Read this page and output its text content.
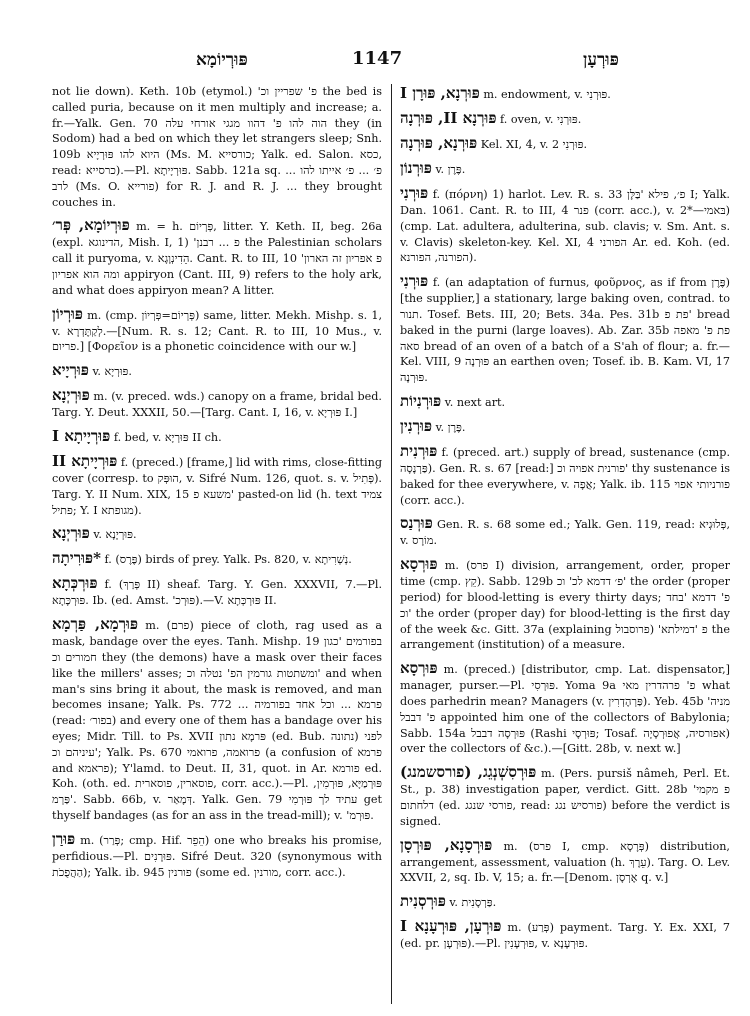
פּוּרְיוֹמָא	1147	פּוּרְעָן

not lie down). Keth. 10b (etymol.) 'פ' שפריין וכ the bed is called puria, because on it men multiply and increase; a. fr.—Yalk. Gen. 70 הוה להו פ' דהוו מגגי אורחי עלה they (in Sodom) had a bed on which they let strangers sleep; Snh. 109b היוא להו פּוּרְיָיא (Ms. M. כורסייא; Yalk. ed. Salon. כסא, read: כרסייא).—Pl. פּוּרְיָיתָא. Sabb. 121a sq. פ׳ ... פ׳ אייתו להו ... לרב (Ms. O. פורייא) for R. J. and R. J. ... they brought couches in.

פּוּרְיוֹמָא, פְּר׳ m. = h. פְּרְיוֹם, litter. Y. Keth. II, beg. 26a (expl. הדינוגא, Mish. I, 1) 'פ ... רבנן the Palestinian scholars call it puryoma, v. הֵדִינְוָגָא. Cant. R. to III, 10 'פ אפריון זה הארון ומה הוא אפריון appiryon (Cant. III, 9) refers to the holy ark, and what does appiryon mean? A litter.

פּוּרְיוֹן m. (cmp. פְּרְיוֹם=פְּרְיוֹן) same, litter. Mekh. Mishp. s. 1, v. לְקַתֶּדְרָא.—[Num. R. s. 12; Cant. R. to III, 10 Mus., v. פריום.] [Φορεῖον is a phonetic coincidence with our w.]

פּוּרְיָיא v. פּוּרְיָא.

פּוּרְיְנָא m. (v. preced. wds.) canopy on a frame, bridal bed. Targ. Y. Deut. XXXII, 50.—[Targ. Cant. I, 16, v. פּוּרְיָא I.]

פּוּרְיָיתָא I f. bed, v. פּוּרְיָא II ch.

פּוּרְיָיתָא II f. (preced.) [frame,] lid with rims, close-fitting cover (corresp. to הוּפְּק, v. Sifré Num. 126, quot. s. v. פְּתִיל). Targ. Y. II Num. XIX, 15 משעא פ' pasted-on lid (h. text צמיד פתיל; Y. I מגופתא).

פּוּרְיְנָא v. פּוּרְיָנָא.

*פּוּרִיתָה f. (פֶּרֶס) birds of prey. Yalk. Ps. 820, v. נְשְׁרִיתָא.

פּוּרְכְּתָא f. (פְּרַךְ II) sheaf. Targ. Y. Gen. XXXVII, 7.—Pl. פּוּרְכָּתָא. Ib. (ed. Amst. 'פּוּרְכ).—V. פּוּרְכְּתָא II.

פּוּרְמָא, פַּרְמָא m. (פרם) piece of cloth, rag used as a mask, bandage over the eyes. Tanh. Mishp. 19 בפורמים 'כגון חמורים וכ they (the demons) have a mask over their faces like the millers' asses; ומשתטות גורמין הפ' נטלה וכ' and when man's sins bring it about, the mask is removed, and man becomes insane; Yalk. Ps. 772 ... פרמא ... וכל אחד בפורמיה (read: בפור׳) and every one of them has a bandage over his eyes; Midr. Till. to Ps. XVII פּרמָא נתון (ed. Bub. נתונה) לפני עיניהם וכ'; Yalk. Ps. 670 פרואמה, פרואמי (a confusion of פרמא and פראמא); Y'lamd. to Deut. II, 31, quot. in Ar. פורמא ed. Koh. (oth. ed. פוסארין, פוסארית, corr. acc.).—Pl. פּוּרְמַיָּא, פּוּרְמִין, 'פַּרְמ. Sabb. 66b, v. דְּמָאַר. Yalk. Gen. 79 עתיד לך פּוּרְמִי get thyself bandages (as for an ass in the tread-mill); v. 'פּוּרְמ.

פּוּרַן m. (פְּרַר; cmp. Hif. הֵפֵר) one who breaks his promise, perfidious.—Pl. פּוּרָנִים. Sifré Deut. 320 (synonymous with הַהֲפֻכֹת); Yalk. ib. 945 פורנין (some ed. מורנין, corr. acc.).

פּוּרְנָא, פּוּרָן I m. endowment, v. פּוּרְנִי.

פּוּרְנָא II, פּוּרְנָה f. oven, v. פּוּרְנִי.

פּוּרְנָא, פּוּרְנָה Kel. XI, 4, v. פּוּרְנִי 2.

פּוּרְנוֹן v. פֶּרֶן.

פּוּרְנִי f. (πόρνη) 1) harlot. Lev. R. s. 33 פ׳, פילא 'בַּלָּן I; Yalk. Dan. 1061. Cant. R. to III, 4 פנר (corr. acc.), v. בּאמי—*2) (cmp. Lat. adultera, adulterina, sub. clavis; v. Sm. Ant. s. v. Clavis) skeleton-key. Kel. XI, 4 הפורני Ar. ed. Koh. (ed. הפורנה, הפורנא).

פּוּרְנִי f. (an adaptation of furnus, φοῦρνος, as if from פֶּרֶן) [the supplier,] a stationary, large baking oven, contrad. to תנור. Tosef. Bets. III, 20; Bets. 34a. Pes. 31b פת פ' bread baked in the purni (large loaves). Ab. Zar. 35b פת פ' מאפה סאה bread of an oven of a batch of a S'ah of flour; a. fr.—Kel. VIII, 9 פּוּרְנָה an earthen oven; Tosef. ib. B. Kam. VI, 17 פּוּרְנָה.

פּוּרְנִיוֹת v. next art.

פּוּרְנִין v. פֶּרֶן.

פּוּרְנִית f. (preced. art.) supply of bread, sustenance (cmp. פַּרְנָסָה). Gen. R. s. 67 [read:] פורנית אפויה וכ' thy sustenance is baked for thee everywhere, v. אֲפָה; Yalk. ib. 115 פורניותי אפוי (corr. acc.).

פּוּרְנַס Gen. R. s. 68 some ed.; Yalk. Gen. 119, read: פְּלוּגְיא, v. מוֹרָס.

פּוּרְסָא m. (פרס I) division, arrangement, order, proper time (cmp. קֵץ). Sabb. 129b פ׳ דדמא לכ' וכ' the order (proper period) for blood-letting is every thirty days; פ' דדמא 'בחד וכ' the order (proper day) for blood-letting is the first day of the week &c. Gitt. 37a (explaining פרוסבול) 'פ 'דמילתא the arrangement (institution) of a measure.

פּוּרְסָא m. (preced.) [distributor, cmp. Lat. dispensator,] manager, purser.—Pl. פּוּרְסִי. Yoma 9a פ' פרהדרין מאי what does parhedrin mean? Managers (v. פַּרְהֶדְרִין). Yeb. 45b 'מניה פ' דבבל appointed him one of the collectors of Babylonia; Sabb. 154a פּוּרְסָה דבבל (Rashi פּוּרְסָי; Tosaf. אפורסיה, אֲפוּרְסָיָה) over the collectors of &c.).—[Gitt. 28b, v. next w.]

פּוּרְסִשְׁנְגֵג, (פורסשמנג) m. (Pers. pursiš nâmeh, Perl. Et. St., p. 38) investigation paper, verdict. Gitt. 28b 'פ מקמי דלחתום (ed. פורסי שנגג, read: פורסיש נגג) before the verdict is signed.

פּוּרְסָנָא, פּוּרְסָן m. (פרס I, cmp. פְּרָסָא) distribution, arrangement, assessment, valuation (h. עֵרֶךְ). Targ. O. Lev. XXVII, 2, sq. Ib. V, 15; a. fr.—[Denom. אֶרְסָן q. v.]

פּוּרְסְנִית v. פַּרְסָנִית.

פּוּרְעָן, פּוּרְעָנָא I m. (פְּרַע) payment. Targ. Y. Ex. XXI, 7 (ed. pr. פּוּרְעָן).—Pl. פּוּרְעָנִין, v. פּוּרְעָנָא.
